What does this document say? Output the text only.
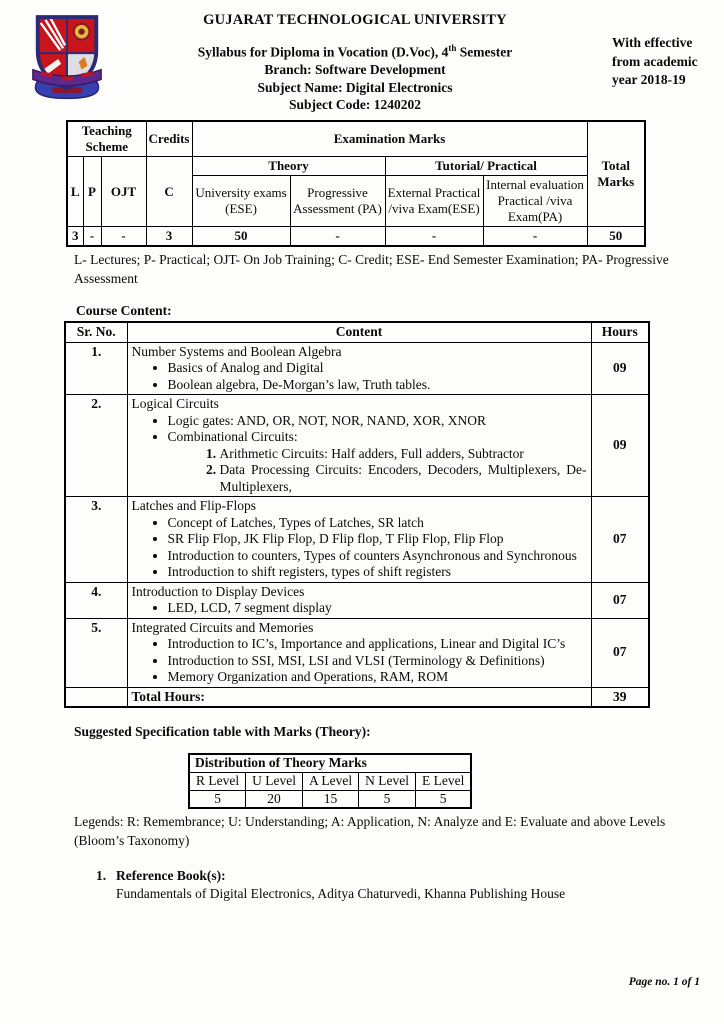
GUJARAT TECHNOLOGICAL UNIVERSITY
Syllabus for Diploma in Vocation (D.Voc), 4th Semester
Branch: Software Development
Subject Name: Digital Electronics
Subject Code: 1240202
With effective from academic year 2018-19
Teaching Scheme			Credits	Examination Marks				Total Marks
L	P	OJT	C	Theory		Tutorial/ Practical		
				University exams (ESE)	Progressive Assessment (PA)	External Practical /viva Exam(ESE)	Internal evaluation Practical /viva Exam(PA)	
3	-	-	3	50	-	-	-	50
L- Lectures; P- Practical; OJT- On Job Training; C- Credit; ESE- End Semester Examination; PA- Progressive Assessment
Course Content:
Sr. No.	Content	Hours
1.	Number Systems and Boolean Algebra
• Basics of Analog and Digital
• Boolean algebra, De-Morgan’s law, Truth tables.
	09
2.	Logical Circuits
• Logic gates: AND, OR, NOT, NOR, NAND, XOR, XNOR
• Combinational Circuits:
1. Arithmetic Circuits: Half adders, Full adders, Subtractor
2. Data Processing Circuits: Encoders, Decoders, Multiplexers, De-Multiplexers,
	09
3.	Latches and Flip-Flops
• Concept of Latches, Types of Latches, SR latch
• SR Flip Flop, JK Flip Flop, D Flip flop, T Flip Flop, Flip Flop
• Introduction to counters, Types of counters Asynchronous and Synchronous
• Introduction to shift registers, types of shift registers
	07
4.	Introduction to Display Devices
• LED, LCD, 7 segment display
	07
5.	Integrated Circuits and Memories
• Introduction to IC’s, Importance and applications, Linear and Digital IC’s
• Introduction to SSI, MSI, LSI and VLSI (Terminology & Definitions)
• Memory Organization and Operations, RAM, ROM
	07
	Total Hours:	39
Suggested Specification table with Marks (Theory):
Distribution of Theory Marks				
R Level	U Level	A Level	N Level	E Level
5	20	15	5	5
Legends: R: Remembrance; U: Understanding; A: Application, N: Analyze and E: Evaluate and above Levels (Bloom’s Taxonomy)
1. Reference Book(s):
Fundamentals of Digital Electronics, Aditya Chaturvedi, Khanna Publishing House
Page no. 1 of 1
